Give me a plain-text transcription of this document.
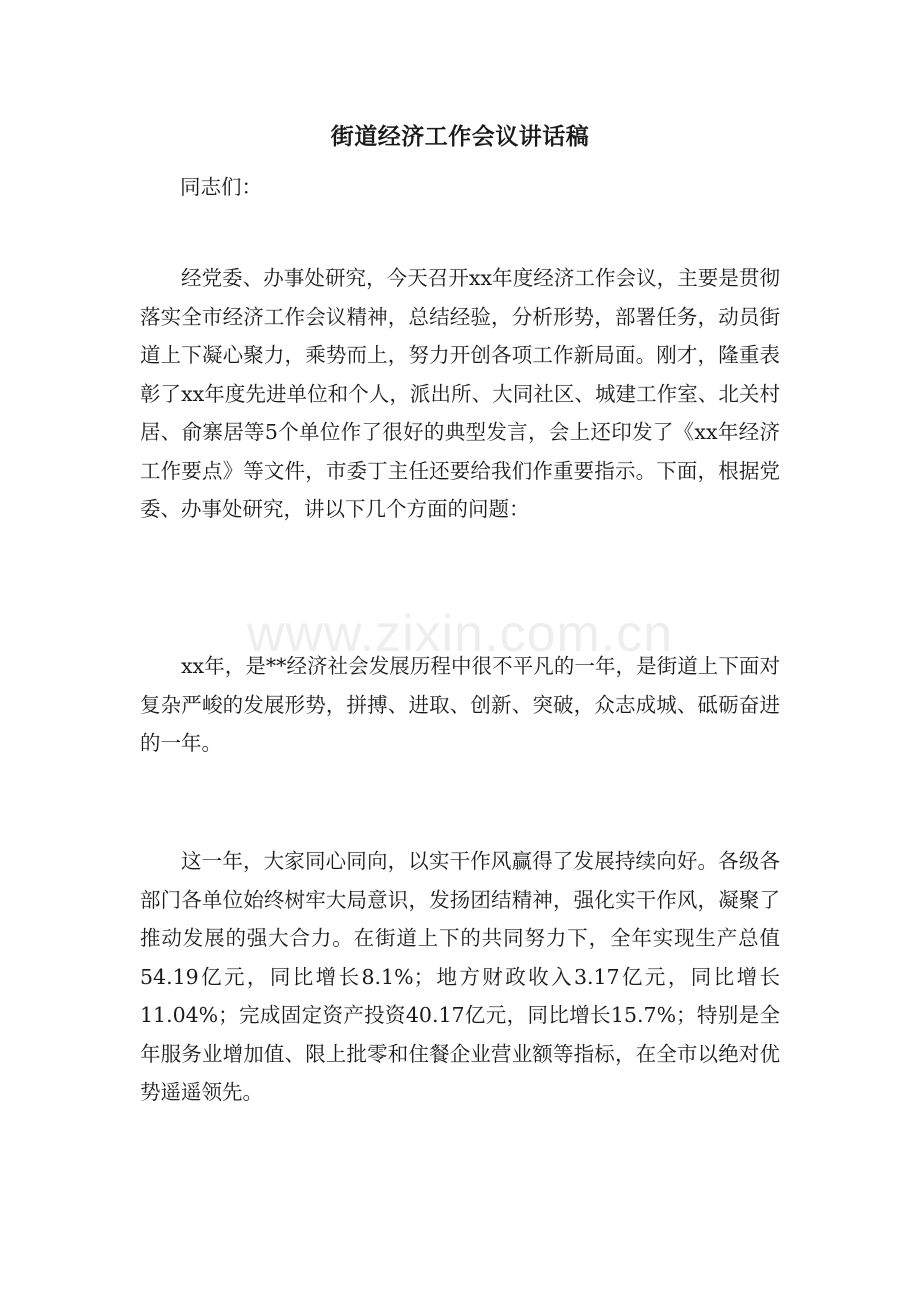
街道经济工作会议讲话稿
同志们：

经党委、办事处研究，今天召开xx年度经济工作会议，主要是贯彻落实全市经济工作会议精神，总结经验，分析形势，部署任务，动员街道上下凝心聚力，乘势而上，努力开创各项工作新局面。刚才，隆重表彰了xx年度先进单位和个人，派出所、大同社区、城建工作室、北关村居、俞寨居等5个单位作了很好的典型发言，会上还印发了《xx年经济工作要点》等文件，市委丁主任还要给我们作重要指示。下面，根据党委、办事处研究，讲以下几个方面的问题：

xx年，是**经济社会发展历程中很不平凡的一年，是街道上下面对复杂严峻的发展形势，拼搏、进取、创新、突破，众志成城、砥砺奋进的一年。

这一年，大家同心同向，以实干作风赢得了发展持续向好。各级各部门各单位始终树牢大局意识，发扬团结精神，强化实干作风，凝聚了推动发展的强大合力。在街道上下的共同努力下，全年实现生产总值54.19亿元，同比增长8.1%；地方财政收入3.17亿元，同比增长11.04%；完成固定资产投资40.17亿元，同比增长15.7%；特别是全年服务业增加值、限上批零和住餐企业营业额等指标，在全市以绝对优势遥遥领先。

www.zixin.com.cn
